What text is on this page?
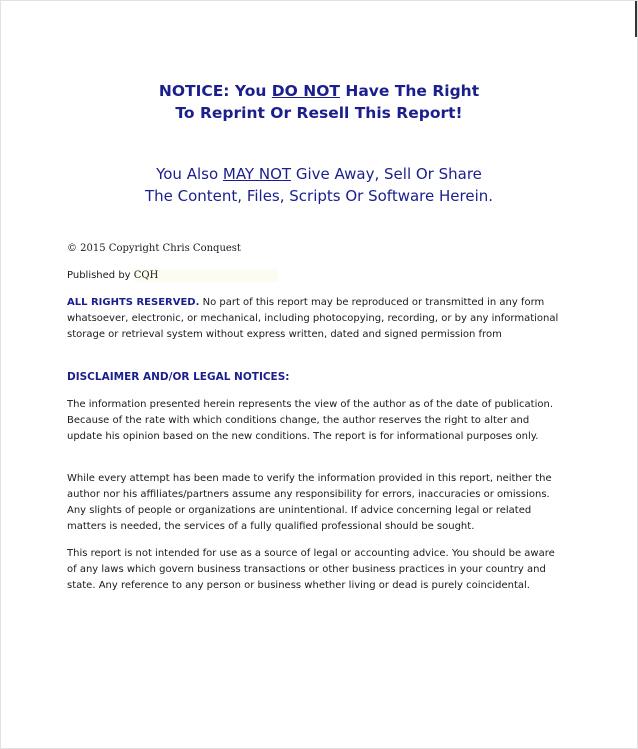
NOTICE: You DO NOT Have The Right
To Reprint Or Resell This Report!
You Also MAY NOT Give Away, Sell Or Share
The Content, Files, Scripts Or Software Herein.
© 2015 Copyright Chris Conquest
Published by CQH
ALL RIGHTS RESERVED. No part of this report may be reproduced or transmitted in any form whatsoever, electronic, or mechanical, including photocopying, recording, or by any informational storage or retrieval system without express written, dated and signed permission from
DISCLAIMER AND/OR LEGAL NOTICES:
The information presented herein represents the view of the author as of the date of publication. Because of the rate with which conditions change, the author reserves the right to alter and update his opinion based on the new conditions. The report is for informational purposes only.
While every attempt has been made to verify the information provided in this report, neither the author nor his affiliates/partners assume any responsibility for errors, inaccuracies or omissions. Any slights of people or organizations are unintentional. If advice concerning legal or related matters is needed, the services of a fully qualified professional should be sought.
This report is not intended for use as a source of legal or accounting advice. You should be aware of any laws which govern business transactions or other business practices in your country and state. Any reference to any person or business whether living or dead is purely coincidental.
